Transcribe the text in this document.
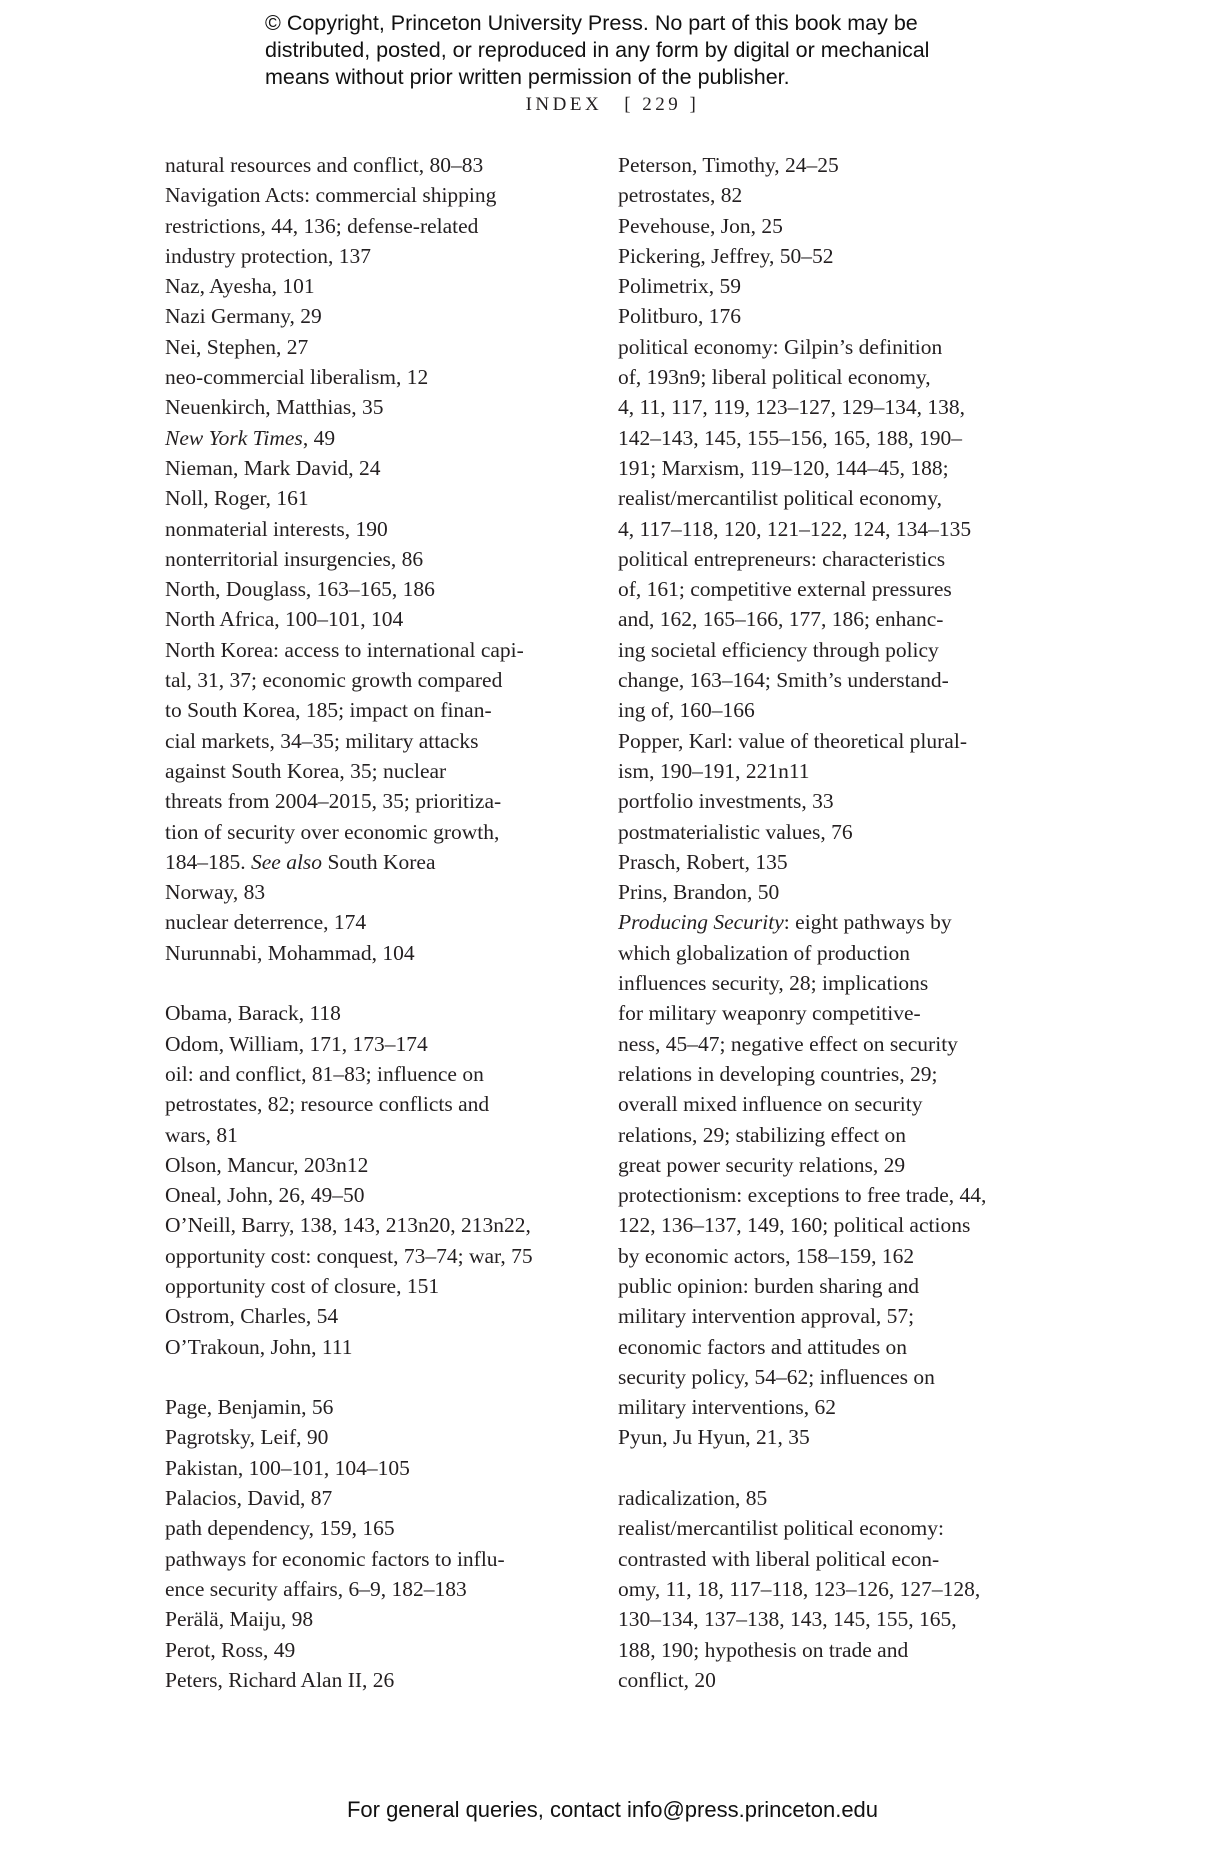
© Copyright, Princeton University Press. No part of this book may be
distributed, posted, or reproduced in any form by digital or mechanical
means without prior written permission of the publisher.
INDEX [ 229 ]
natural resources and conflict, 80–83
Navigation Acts: commercial shipping
restrictions, 44, 136; defense-related
industry protection, 137
Naz, Ayesha, 101
Nazi Germany, 29
Nei, Stephen, 27
neo-commercial liberalism, 12
Neuenkirch, Matthias, 35
New York Times, 49
Nieman, Mark David, 24
Noll, Roger, 161
nonmaterial interests, 190
nonterritorial insurgencies, 86
North, Douglass, 163–165, 186
North Africa, 100–101, 104
North Korea: access to international capi-
tal, 31, 37; economic growth compared
to South Korea, 185; impact on finan-
cial markets, 34–35; military attacks
against South Korea, 35; nuclear
threats from 2004–2015, 35; prioritiza-
tion of security over economic growth,
184–185. See also South Korea
Norway, 83
nuclear deterrence, 174
Nurunnabi, Mohammad, 104
Obama, Barack, 118
Odom, William, 171, 173–174
oil: and conflict, 81–83; influence on
petrostates, 82; resource conflicts and
wars, 81
Olson, Mancur, 203n12
Oneal, John, 26, 49–50
O’Neill, Barry, 138, 143, 213n20, 213n22,
opportunity cost: conquest, 73–74; war, 75
opportunity cost of closure, 151
Ostrom, Charles, 54
O’Trakoun, John, 111
Page, Benjamin, 56
Pagrotsky, Leif, 90
Pakistan, 100–101, 104–105
Palacios, David, 87
path dependency, 159, 165
pathways for economic factors to influ-
ence security affairs, 6–9, 182–183
Perälä, Maiju, 98
Perot, Ross, 49
Peters, Richard Alan II, 26
Peterson, Timothy, 24–25
petrostates, 82
Pevehouse, Jon, 25
Pickering, Jeffrey, 50–52
Polimetrix, 59
Politburo, 176
political economy: Gilpin’s definition
of, 193n9; liberal political economy,
4, 11, 117, 119, 123–127, 129–134, 138,
142–143, 145, 155–156, 165, 188, 190–
191; Marxism, 119–120, 144–45, 188;
realist/mercantilist political economy,
4, 117–118, 120, 121–122, 124, 134–135
political entrepreneurs: characteristics
of, 161; competitive external pressures
and, 162, 165–166, 177, 186; enhanc-
ing societal efficiency through policy
change, 163–164; Smith’s understand-
ing of, 160–166
Popper, Karl: value of theoretical plural-
ism, 190–191, 221n11
portfolio investments, 33
postmaterialistic values, 76
Prasch, Robert, 135
Prins, Brandon, 50
Producing Security: eight pathways by
which globalization of production
influences security, 28; implications
for military weaponry competitive-
ness, 45–47; negative effect on security
relations in developing countries, 29;
overall mixed influence on security
relations, 29; stabilizing effect on
great power security relations, 29
protectionism: exceptions to free trade, 44,
122, 136–137, 149, 160; political actions
by economic actors, 158–159, 162
public opinion: burden sharing and
military intervention approval, 57;
economic factors and attitudes on
security policy, 54–62; influences on
military interventions, 62
Pyun, Ju Hyun, 21, 35
radicalization, 85
realist/mercantilist political economy:
contrasted with liberal political econ-
omy, 11, 18, 117–118, 123–126, 127–128,
130–134, 137–138, 143, 145, 155, 165,
188, 190; hypothesis on trade and
conflict, 20
For general queries, contact info@press.princeton.edu
